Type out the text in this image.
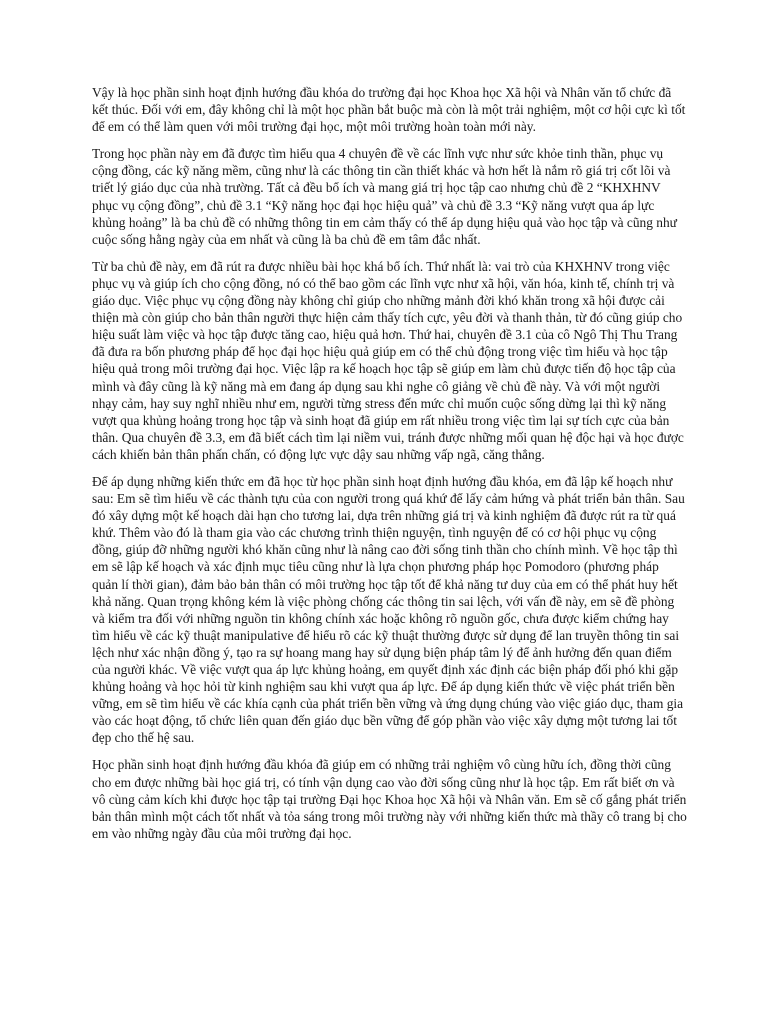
Vậy là học phần sinh hoạt định hướng đầu khóa do trường đại học Khoa học Xã hội và Nhân văn tổ chức đã kết thúc. Đối với em, đây không chỉ là một học phần bắt buộc mà còn là một trải nghiệm, một cơ hội cực kì tốt để em có thể làm quen với môi trường đại học, một môi trường hoàn toàn mới này.

Trong học phần này em đã được tìm hiểu qua 4 chuyên đề về các lĩnh vực như sức khỏe tinh thần, phục vụ cộng đồng, các kỹ năng mềm, cũng như là các thông tin cần thiết khác và hơn hết là nắm rõ giá trị cốt lõi và triết lý giáo dục của nhà trường. Tất cả đều bổ ích và mang giá trị học tập cao nhưng chủ đề 2 “KHXHNV phục vụ cộng đồng”, chủ đề 3.1 “Kỹ năng học đại học hiệu quả” và chủ đề 3.3 “Kỹ năng vượt qua áp lực khủng hoảng” là ba chủ đề có những thông tin em cảm thấy có thể áp dụng hiệu quả vào học tập và cũng như cuộc sống hằng ngày của em nhất và cũng là ba chủ đề em tâm đắc nhất.

Từ ba chủ đề này, em đã rút ra được nhiều bài học khá bổ ích. Thứ nhất là: vai trò của KHXHNV trong việc phục vụ và giúp ích cho cộng đồng, nó có thể bao gồm các lĩnh vực như xã hội, văn hóa, kinh tế, chính trị và giáo dục. Việc phục vụ cộng đồng này không chỉ giúp cho những mảnh đời khó khăn trong xã hội được cải thiện mà còn giúp cho bản thân người thực hiện cảm thấy tích cực, yêu đời và thanh thản, từ đó cũng giúp cho hiệu suất làm việc và học tập được tăng cao, hiệu quả hơn. Thứ hai, chuyên đề 3.1 của cô Ngô Thị Thu Trang đã đưa ra bốn phương pháp để học đại học hiệu quả giúp em có thể chủ động trong việc tìm hiểu và học tập hiệu quả trong môi trường đại học. Việc lập ra kế hoạch học tập sẽ giúp em làm chủ được tiến độ học tập của mình và đây cũng là kỹ năng mà em đang áp dụng sau khi nghe cô giảng về chủ đề này. Và với một người nhạy cảm, hay suy nghĩ nhiều như em, người từng stress đến mức chỉ muốn cuộc sống dừng lại thì kỹ năng vượt qua khủng hoảng trong học tập và sinh hoạt đã giúp em rất nhiều trong việc tìm lại sự tích cực của bản thân. Qua chuyên đề 3.3, em đã biết cách tìm lại niềm vui, tránh được những mối quan hệ độc hại và học được cách khiến bản thân phấn chấn, có động lực vực dậy sau những vấp ngã, căng thẳng.

Để áp dụng những kiến thức em đã học từ học phần sinh hoạt định hướng đầu khóa, em đã lập kế hoạch như sau: Em sẽ tìm hiểu về các thành tựu của con người trong quá khứ để lấy cảm hứng và phát triển bản thân. Sau đó xây dựng một kế hoạch dài hạn cho tương lai, dựa trên những giá trị và kinh nghiệm đã được rút ra từ quá khứ. Thêm vào đó là tham gia vào các chương trình thiện nguyện, tình nguyện để có cơ hội phục vụ cộng đồng, giúp đỡ những người khó khăn cũng như là nâng cao đời sống tinh thần cho chính mình. Về học tập thì em sẽ lập kế hoạch và xác định mục tiêu cũng như là lựa chọn phương pháp học Pomodoro (phương pháp quản lí thời gian), đảm bảo bản thân có môi trường học tập tốt để khả năng tư duy của em có thể phát huy hết khả năng. Quan trọng không kém là việc phòng chống các thông tin sai lệch, với vấn đề này, em sẽ đề phòng và kiểm tra đối với những nguồn tin không chính xác hoặc không rõ nguồn gốc, chưa được kiểm chứng hay tìm hiểu về các kỹ thuật manipulative để hiểu rõ các kỹ thuật thường được sử dụng để lan truyền thông tin sai lệch như xác nhận đồng ý, tạo ra sự hoang mang hay sử dụng biện pháp tâm lý để ảnh hưởng đến quan điểm của người khác. Về việc vượt qua áp lực khủng hoảng, em quyết định xác định các biện pháp đối phó khi gặp khủng hoảng và học hỏi từ kinh nghiệm sau khi vượt qua áp lực. Để áp dụng kiến thức về việc phát triển bền vững, em sẽ tìm hiểu về các khía cạnh của phát triển bền vững và ứng dụng chúng vào việc giáo dục, tham gia vào các hoạt động, tổ chức liên quan đến giáo dục bền vững để góp phần vào việc xây dựng một tương lai tốt đẹp cho thế hệ sau.

Học phần sinh hoạt định hướng đầu khóa đã giúp em có những trải nghiệm vô cùng hữu ích, đồng thời cũng cho em được những bài học giá trị, có tính vận dụng cao vào đời sống cũng như là học tập. Em rất biết ơn và vô cùng cảm kích khi được học tập tại trường Đại học Khoa học Xã hội và Nhân văn. Em sẽ cố gắng phát triển bản thân mình một cách tốt nhất và tỏa sáng trong môi trường này với những kiến thức mà thầy cô trang bị cho em vào những ngày đầu của môi trường đại học.
